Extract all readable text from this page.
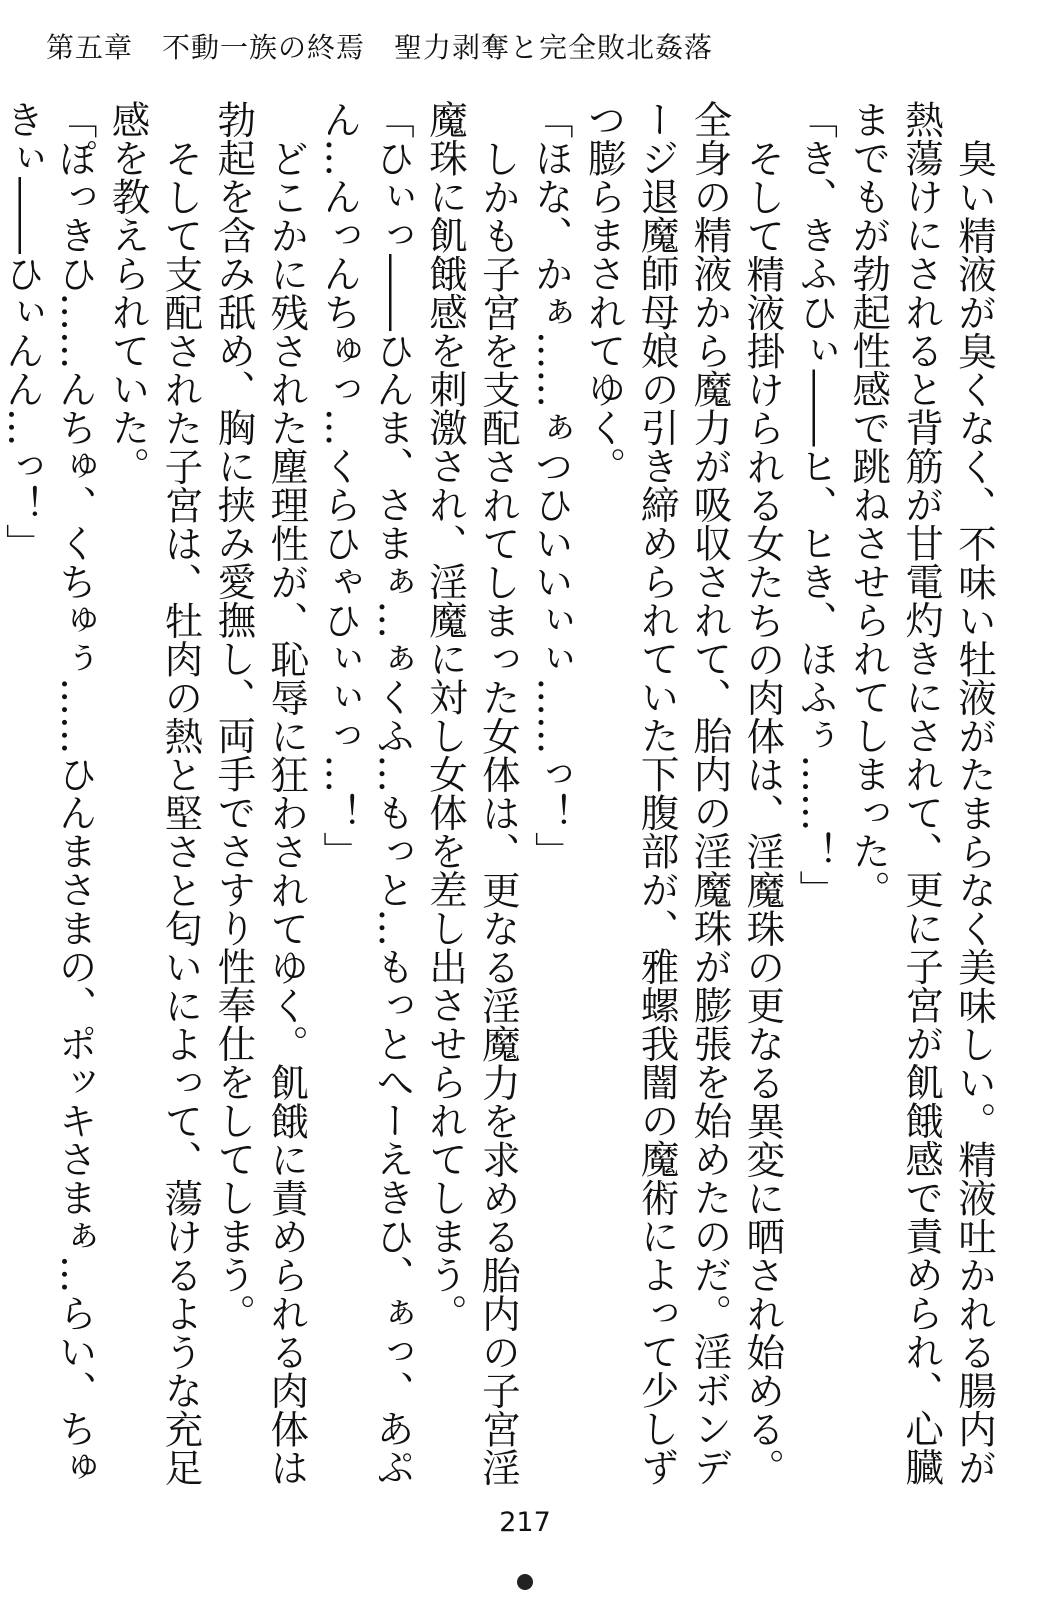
第五章　不動一族の終焉　聖力剥奪と完全敗北姦落

臭い精液が臭くなく、不味い牡液がたまらなく美味しい。精液吐かれる腸内が熱蕩けにされると背筋が甘電灼きにされて、更に子宮が飢餓感で責められ、心臓までもが勃起性感で跳ねさせられてしまった。

「き、きふひぃ――ヒ、ヒき、ほふぅ……！」

そして精液掛けられる女たちの肉体は、淫魔珠の更なる異変に晒され始める。全身の精液から魔力が吸収されて、胎内の淫魔珠が膨張を始めたのだ。淫ボンデージ退魔師母娘の引き締められていた下腹部が、雅螺我闇の魔術によって少しずつ膨らまされてゆく。

「ほな、かぁ……ぁつひいいぃぃ……っ！」

しかも子宮を支配されてしまった女体は、更なる淫魔力を求める胎内の子宮淫魔珠に飢餓感を刺激され、淫魔に対し女体を差し出させられてしまう。

「ひぃっ――ひんま、さまぁ…ぁくふ…もっと…もっとへーえきひ、ぁっ、あぷん…んっんちゅっ…くらひゃひぃぃっ…！」

どこかに残された塵理性が、恥辱に狂わされてゆく。飢餓に責められる肉体は勃起を含み舐め、胸に挟み愛撫し、両手でさすり性奉仕をしてしまう。

そして支配された子宮は、牡肉の熱と堅さと匂いによって、蕩けるような充足感を教えられていた。

「ぽっきひ……んちゅ、くちゅぅ……ひんまさまの、ポッキさまぁ…らい、ちゅきぃ――ひぃんん…っ！」

217
